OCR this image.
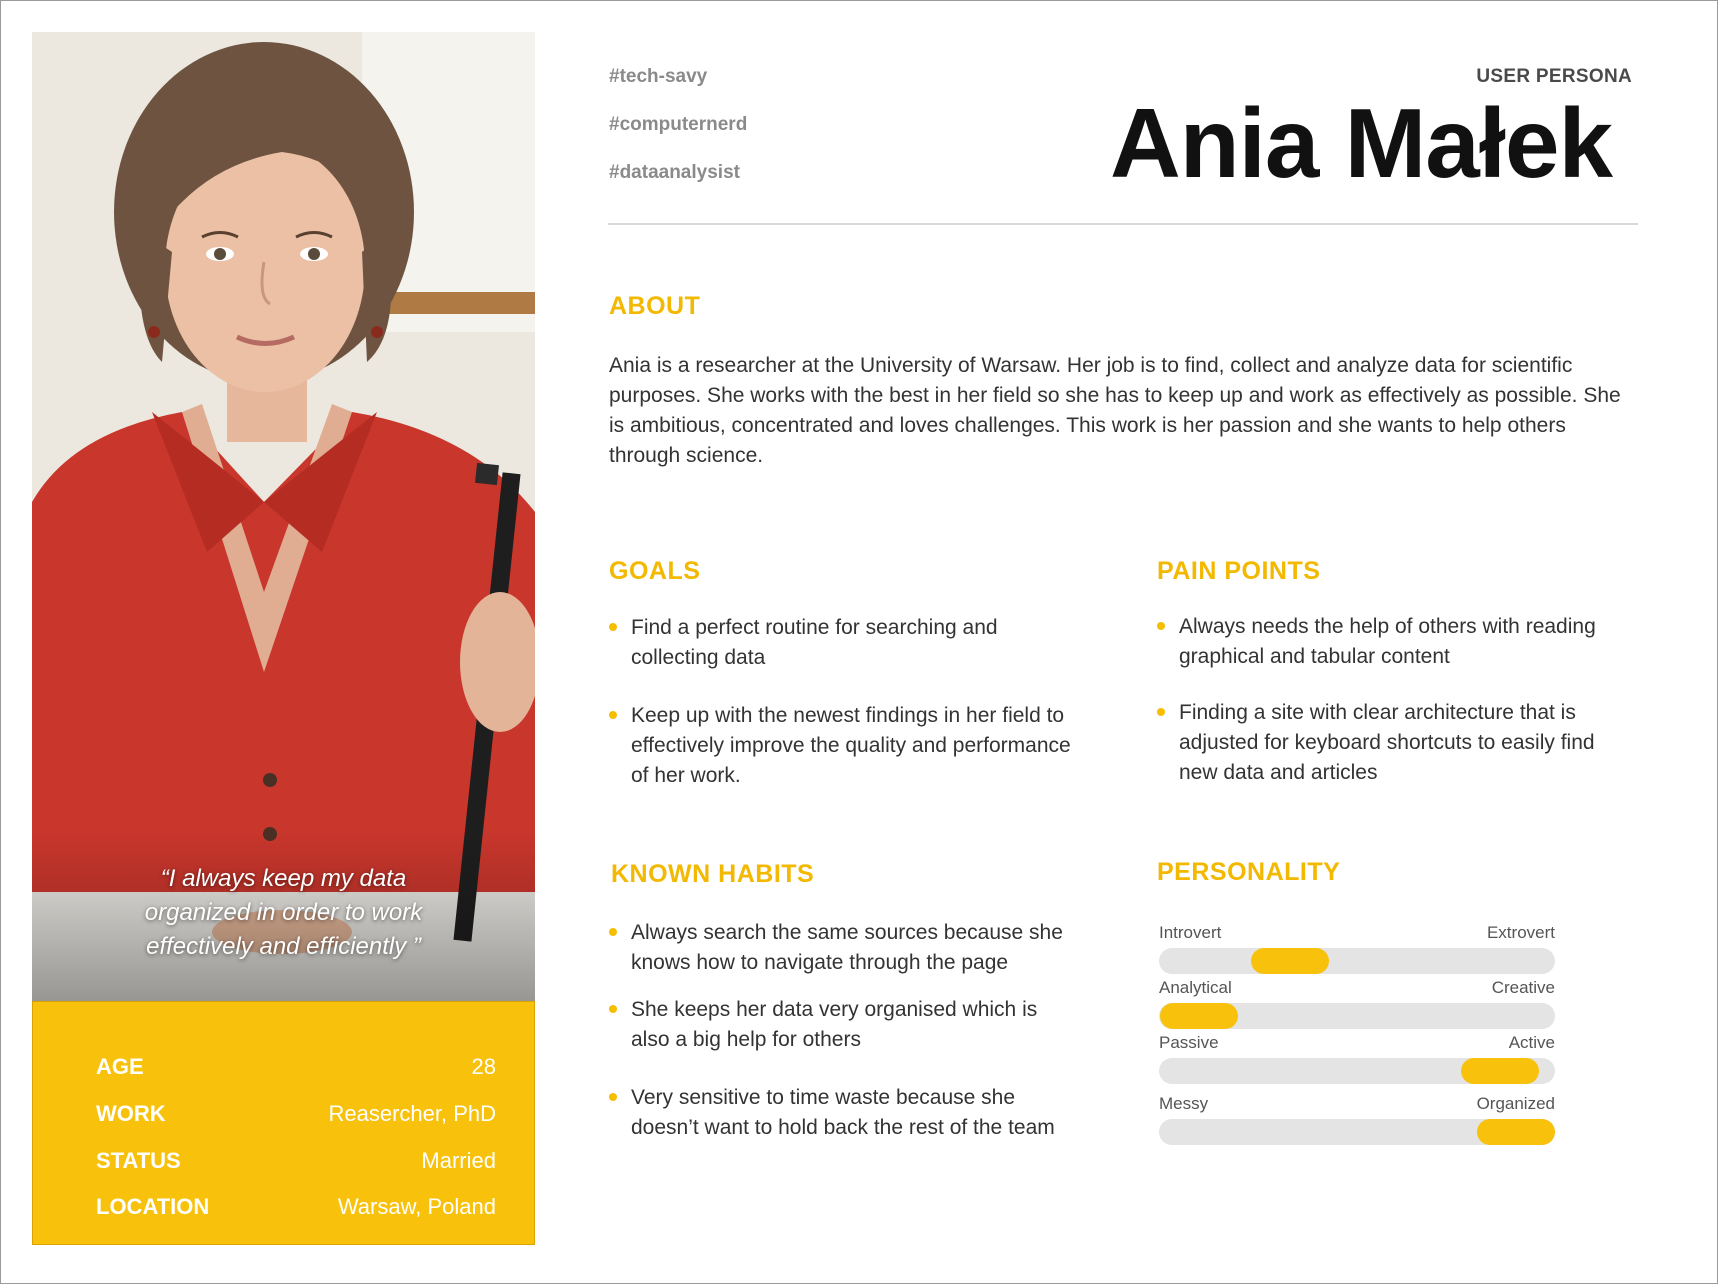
“I always keep my data
organized in order to work
effectively and efficiently ”
AGE	28
WORK	Reasercher, PhD
STATUS	Married
LOCATION	Warsaw, Poland
#tech-savy
#computernerd
#dataanalysist
USER PERSONA
Ania Małek
ABOUT
Ania is a researcher at the University of Warsaw. Her job is to find, collect and analyze data for scientific purposes. She works with the best in her field so she has to keep up and work as effectively as possible. She is ambitious, concentrated and loves challenges. This work is her passion and she wants to help others through science.
GOALS
Find a perfect routine for searching and collecting data
Keep up with the newest findings in her field to effectively improve the quality and performance of her work.
PAIN POINTS
Always needs the help of others with reading graphical and tabular content
Finding a site with clear architecture that is adjusted for keyboard shortcuts to easily find new data and articles
KNOWN HABITS
Always search the same sources because she knows how to navigate through the page
She keeps her data very organised which is also a big help for others
Very sensitive to time waste because she doesn’t want to hold back the rest of the team
PERSONALITY
Introvert	Extrovert
Analytical	Creative
Passive	Active
Messy	Organized
